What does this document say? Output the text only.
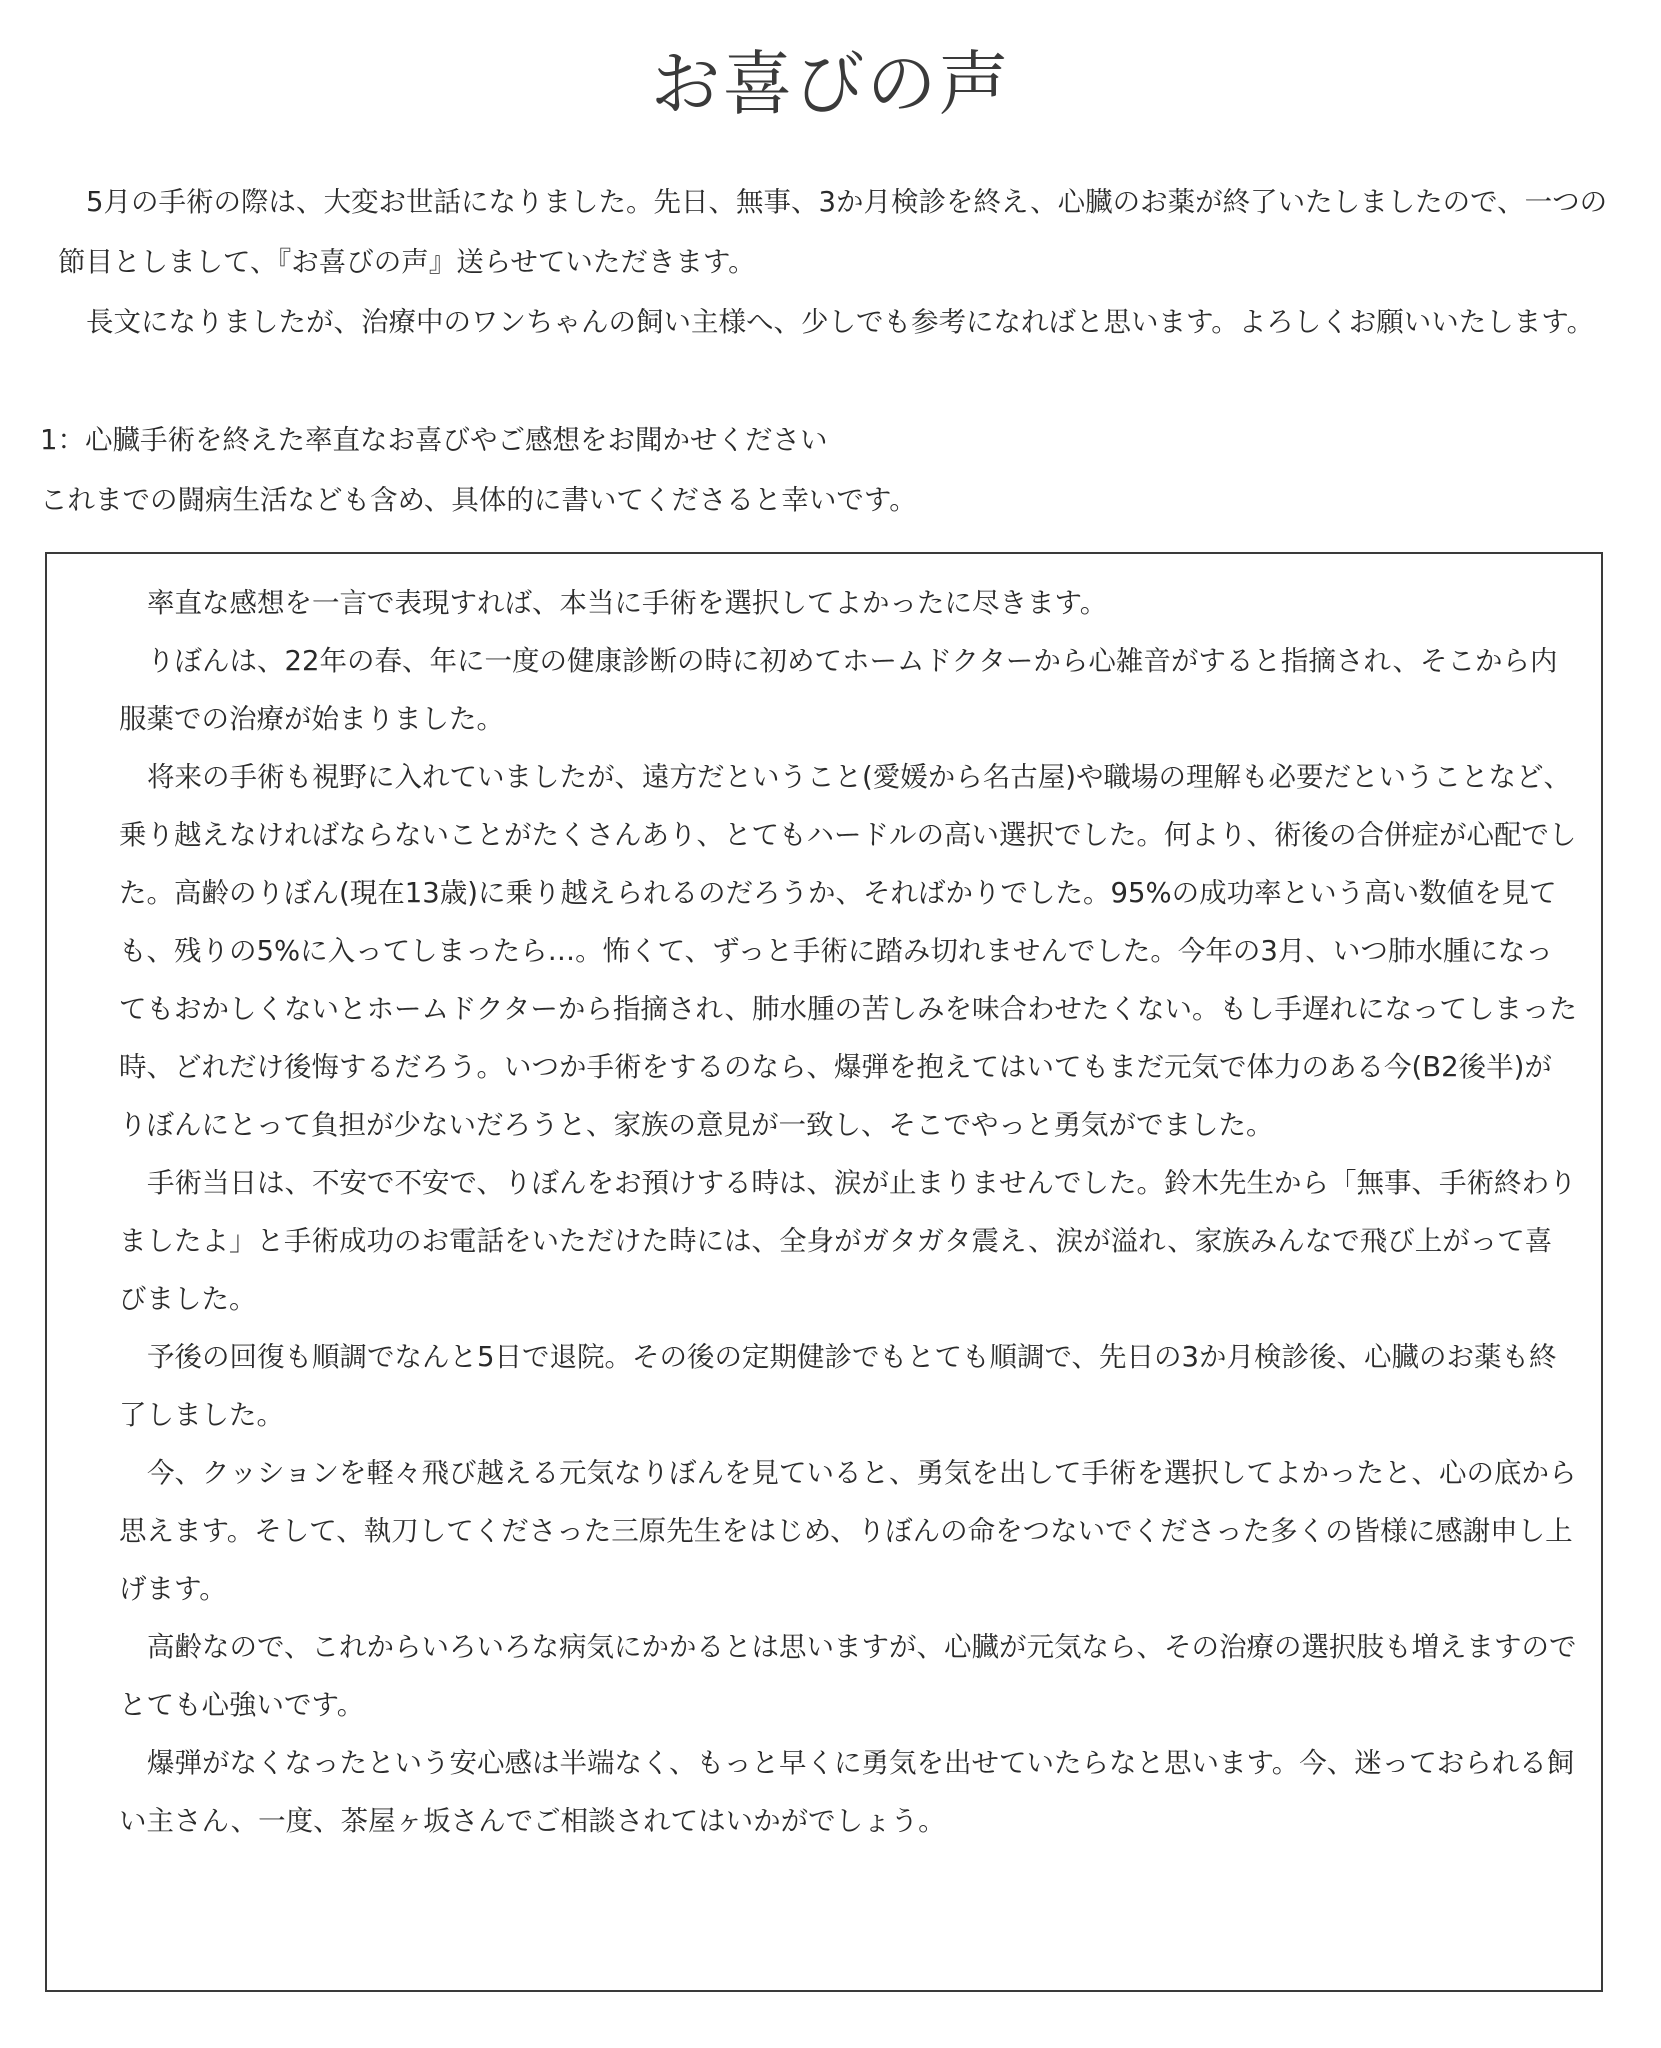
お喜びの声

5月の手術の際は、大変お世話になりました。先日、無事、3か月検診を終え、心臓のお薬が終了いたしましたので、一つの節目としまして、『お喜びの声』送らせていただきます。

長文になりましたが、治療中のワンちゃんの飼い主様へ、少しでも参考になればと思います。よろしくお願いいたします。

1：心臓手術を終えた率直なお喜びやご感想をお聞かせください

これまでの闘病生活なども含め、具体的に書いてくださると幸いです。

率直な感想を一言で表現すれば、本当に手術を選択してよかったに尽きます。

りぼんは、22年の春、年に一度の健康診断の時に初めてホームドクターから心雑音がすると指摘され、そこから内服薬での治療が始まりました。

将来の手術も視野に入れていましたが、遠方だということ(愛媛から名古屋)や職場の理解も必要だということなど、乗り越えなければならないことがたくさんあり、とてもハードルの高い選択でした。何より、術後の合併症が心配でした。高齢のりぼん(現在13歳)に乗り越えられるのだろうか、そればかりでした。95%の成功率という高い数値を見ても、残りの5%に入ってしまったら…。怖くて、ずっと手術に踏み切れませんでした。今年の3月、いつ肺水腫になってもおかしくないとホームドクターから指摘され、肺水腫の苦しみを味合わせたくない。もし手遅れになってしまった時、どれだけ後悔するだろう。いつか手術をするのなら、爆弾を抱えてはいてもまだ元気で体力のある今(B2後半)がりぼんにとって負担が少ないだろうと、家族の意見が一致し、そこでやっと勇気がでました。

手術当日は、不安で不安で、りぼんをお預けする時は、涙が止まりませんでした。鈴木先生から「無事、手術終わりましたよ」と手術成功のお電話をいただけた時には、全身がガタガタ震え、涙が溢れ、家族みんなで飛び上がって喜びました。

予後の回復も順調でなんと5日で退院。その後の定期健診でもとても順調で、先日の3か月検診後、心臓のお薬も終了しました。

今、クッションを軽々飛び越える元気なりぼんを見ていると、勇気を出して手術を選択してよかったと、心の底から思えます。そして、執刀してくださった三原先生をはじめ、りぼんの命をつないでくださった多くの皆様に感謝申し上げます。

高齢なので、これからいろいろな病気にかかるとは思いますが、心臓が元気なら、その治療の選択肢も増えますのでとても心強いです。

爆弾がなくなったという安心感は半端なく、もっと早くに勇気を出せていたらなと思います。今、迷っておられる飼い主さん、一度、茶屋ヶ坂さんでご相談されてはいかがでしょう。
